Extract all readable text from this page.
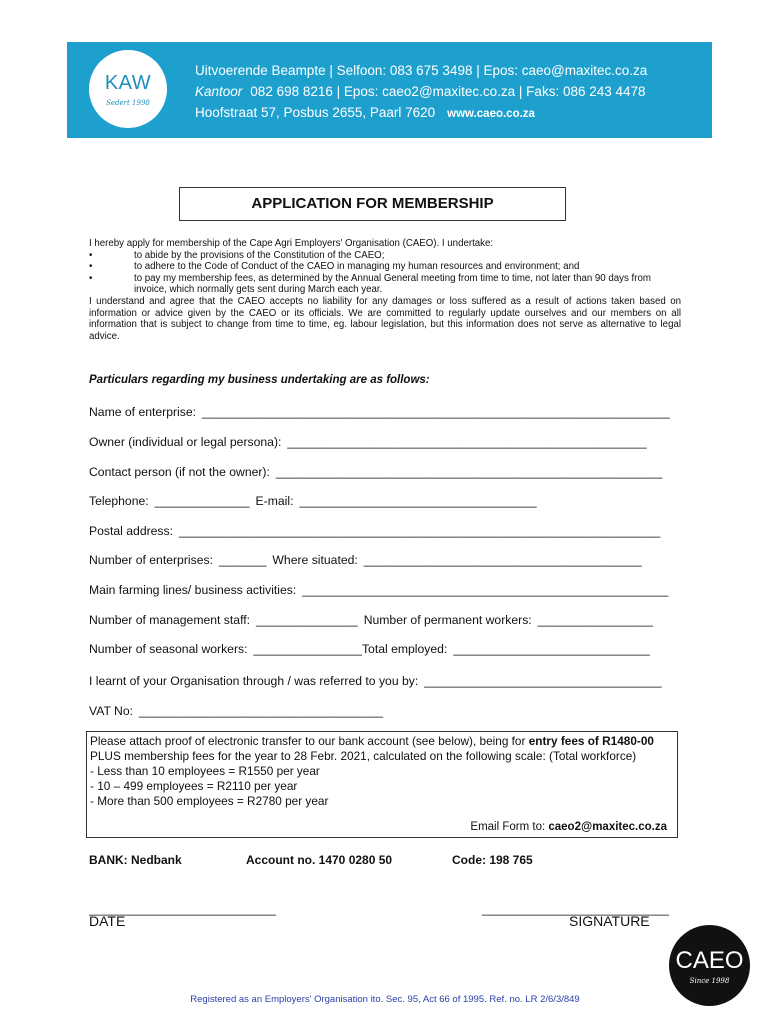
KAW
Sedert 1998
Uitvoerende Beampte | Selfoon: 083 675 3498 | Epos: caeo@maxitec.co.za
Kantoor 082 698 8216 | Epos: caeo2@maxitec.co.za | Faks: 086 243 4478
Hoofstraat 57, Posbus 2655, Paarl 7620 www.caeo.co.za
APPLICATION FOR MEMBERSHIP

I hereby apply for membership of the Cape Agri Employers' Organisation (CAEO). I undertake:

•	to abide by the provisions of the Constitution of the CAEO;

•	to adhere to the Code of Conduct of the CAEO in managing my human resources and environment; and

•	to pay my membership fees, as determined by the Annual General meeting from time to time, not later than 90 days from invoice, which normally gets sent during March each year.

I understand and agree that the CAEO accepts no liability for any damages or loss suffered as a result of actions taken based on information or advice given by the CAEO or its officials. We are committed to regularly update ourselves and our members on all information that is subject to change from time to time, eg. labour legislation, but this information does not serve as alternative to legal advice.

Particulars regarding my business undertaking are as follows:
Name of enterprise: _____________________________________________________________________
Owner (individual or legal persona): _____________________________________________________
Contact person (if not the owner): _________________________________________________________
Telephone: ______________ E-mail: ___________________________________
Postal address: _______________________________________________________________________
Number of enterprises: _______ Where situated: _________________________________________
Main farming lines/ business activities: ______________________________________________________
Number of management staff: _______________ Number of permanent workers: _________________
Number of seasonal workers: ________________Total employed: _____________________________
I learnt of your Organisation through / was referred to you by: ___________________________________
VAT No: ____________________________________

Please attach proof of electronic transfer to our bank account (see below), being for entry fees of R1480-00 PLUS membership fees for the year to 28 Febr. 2021, calculated on the following scale: (Total workforce)

- Less than 10 employees = R1550 per year

- 10 – 499 employees = R2110 per year

- More than 500 employees = R2780 per year

Email Form to: caeo2@maxitec.co.za
BANK: Nedbank	Account no. 1470 0280 50	Code: 198 765
____________________________	____________________________
DATE	SIGNATURE
CAEO
Since 1998
Registered as an Employers' Organisation ito. Sec. 95, Act 66 of 1995. Ref. no. LR 2/6/3/849
